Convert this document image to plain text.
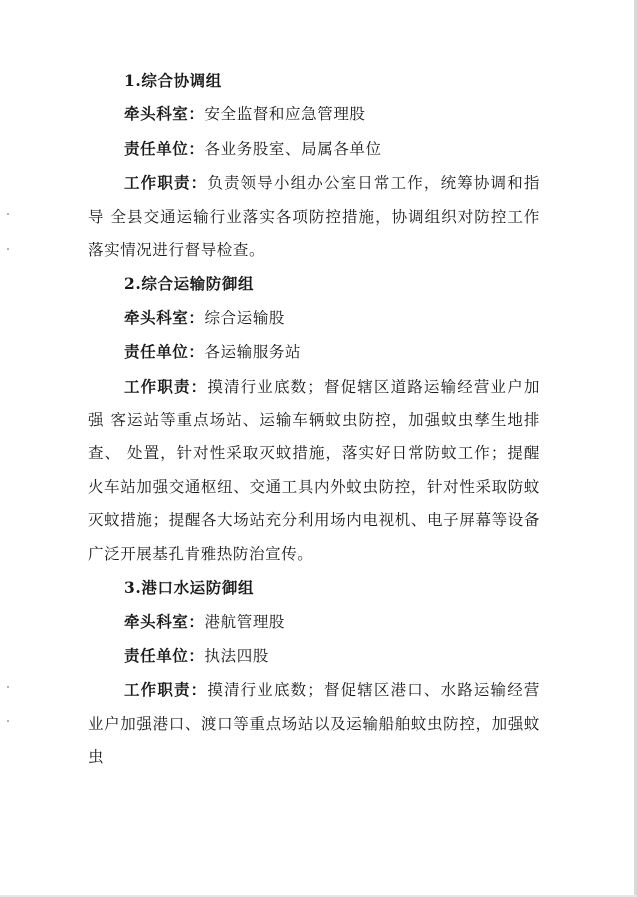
1.综合协调组
牵头科室：安全监督和应急管理股
责任单位：各业务股室、局属各单位
工作职责：负责领导小组办公室日常工作，统筹协调和指导 全县交通运输行业落实各项防控措施，协调组织对防控工作落实情况进行督导检查。
2.综合运输防御组
牵头科室：综合运输股
责任单位：各运输服务站
工作职责：摸清行业底数；督促辖区道路运输经营业户加强 客运站等重点场站、运输车辆蚊虫防控，加强蚊虫孳生地排查、 处置，针对性采取灭蚊措施，落实好日常防蚊工作；提醒火车站加强交通枢纽、交通工具内外蚊虫防控，针对性采取防蚊灭蚊措施；提醒各大场站充分利用场内电视机、电子屏幕等设备广泛开展基孔肯雅热防治宣传。
3.港口水运防御组
牵头科室：港航管理股
责任单位：执法四股
工作职责：摸清行业底数；督促辖区港口、水路运输经营业户加强港口、渡口等重点场站以及运输船舶蚊虫防控，加强蚊虫
